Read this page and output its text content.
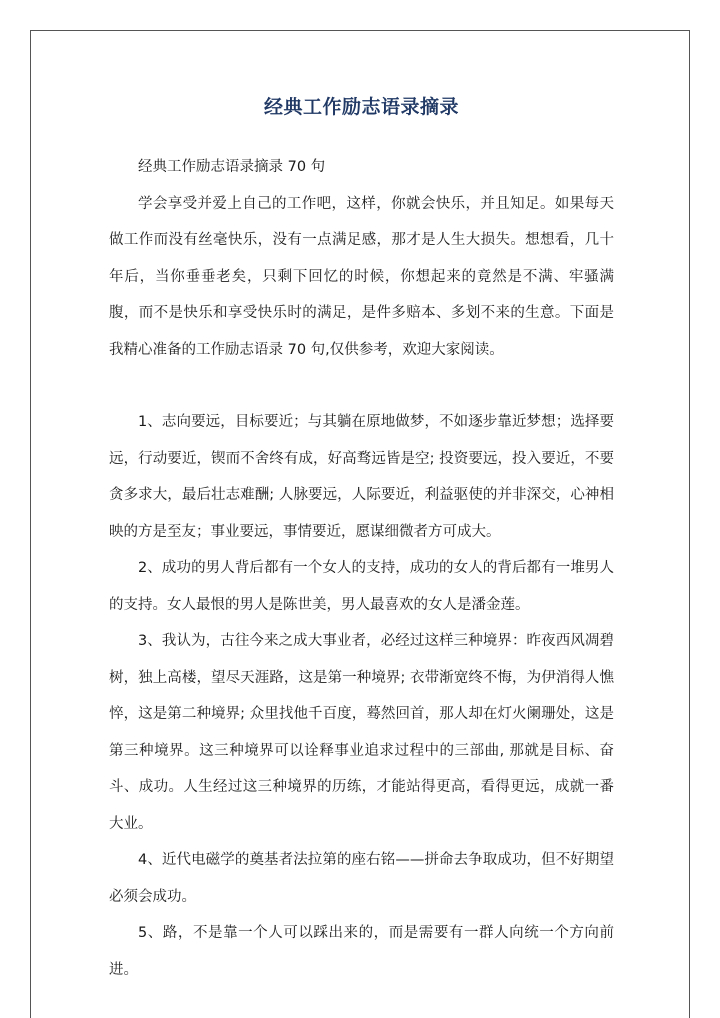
经典工作励志语录摘录

经典工作励志语录摘录 70 句

学会享受并爱上自己的工作吧，这样，你就会快乐，并且知足。如果每天做工作而没有丝毫快乐，没有一点满足感，那才是人生大损失。想想看，几十年后，当你垂垂老矣，只剩下回忆的时候，你想起来的竟然是不满、牢骚满腹，而不是快乐和享受快乐时的满足，是件多赔本、多划不来的生意。下面是我精心准备的工作励志语录 70 句,仅供参考，欢迎大家阅读。

1、志向要远，目标要近；与其躺在原地做梦，不如逐步靠近梦想；选择要远，行动要近，锲而不舍终有成，好高骛远皆是空; 投资要远，投入要近，不要贪多求大，最后壮志难酬; 人脉要远，人际要近，利益驱使的并非深交，心神相映的方是至友；事业要远，事情要近，愿谋细微者方可成大。

2、成功的男人背后都有一个女人的支持，成功的女人的背后都有一堆男人的支持。女人最恨的男人是陈世美，男人最喜欢的女人是潘金莲。

3、我认为，古往今来之成大事业者，必经过这样三种境界：昨夜西风凋碧树，独上高楼，望尽天涯路，这是第一种境界; 衣带渐宽终不悔，为伊消得人憔悴，这是第二种境界; 众里找他千百度，蓦然回首，那人却在灯火阑珊处，这是第三种境界。这三种境界可以诠释事业追求过程中的三部曲, 那就是目标、奋斗、成功。人生经过这三种境界的历练，才能站得更高，看得更远，成就一番大业。

4、近代电磁学的奠基者法拉第的座右铭——拼命去争取成功，但不好期望必须会成功。

5、路，不是靠一个人可以踩出来的，而是需要有一群人向统一个方向前进。
